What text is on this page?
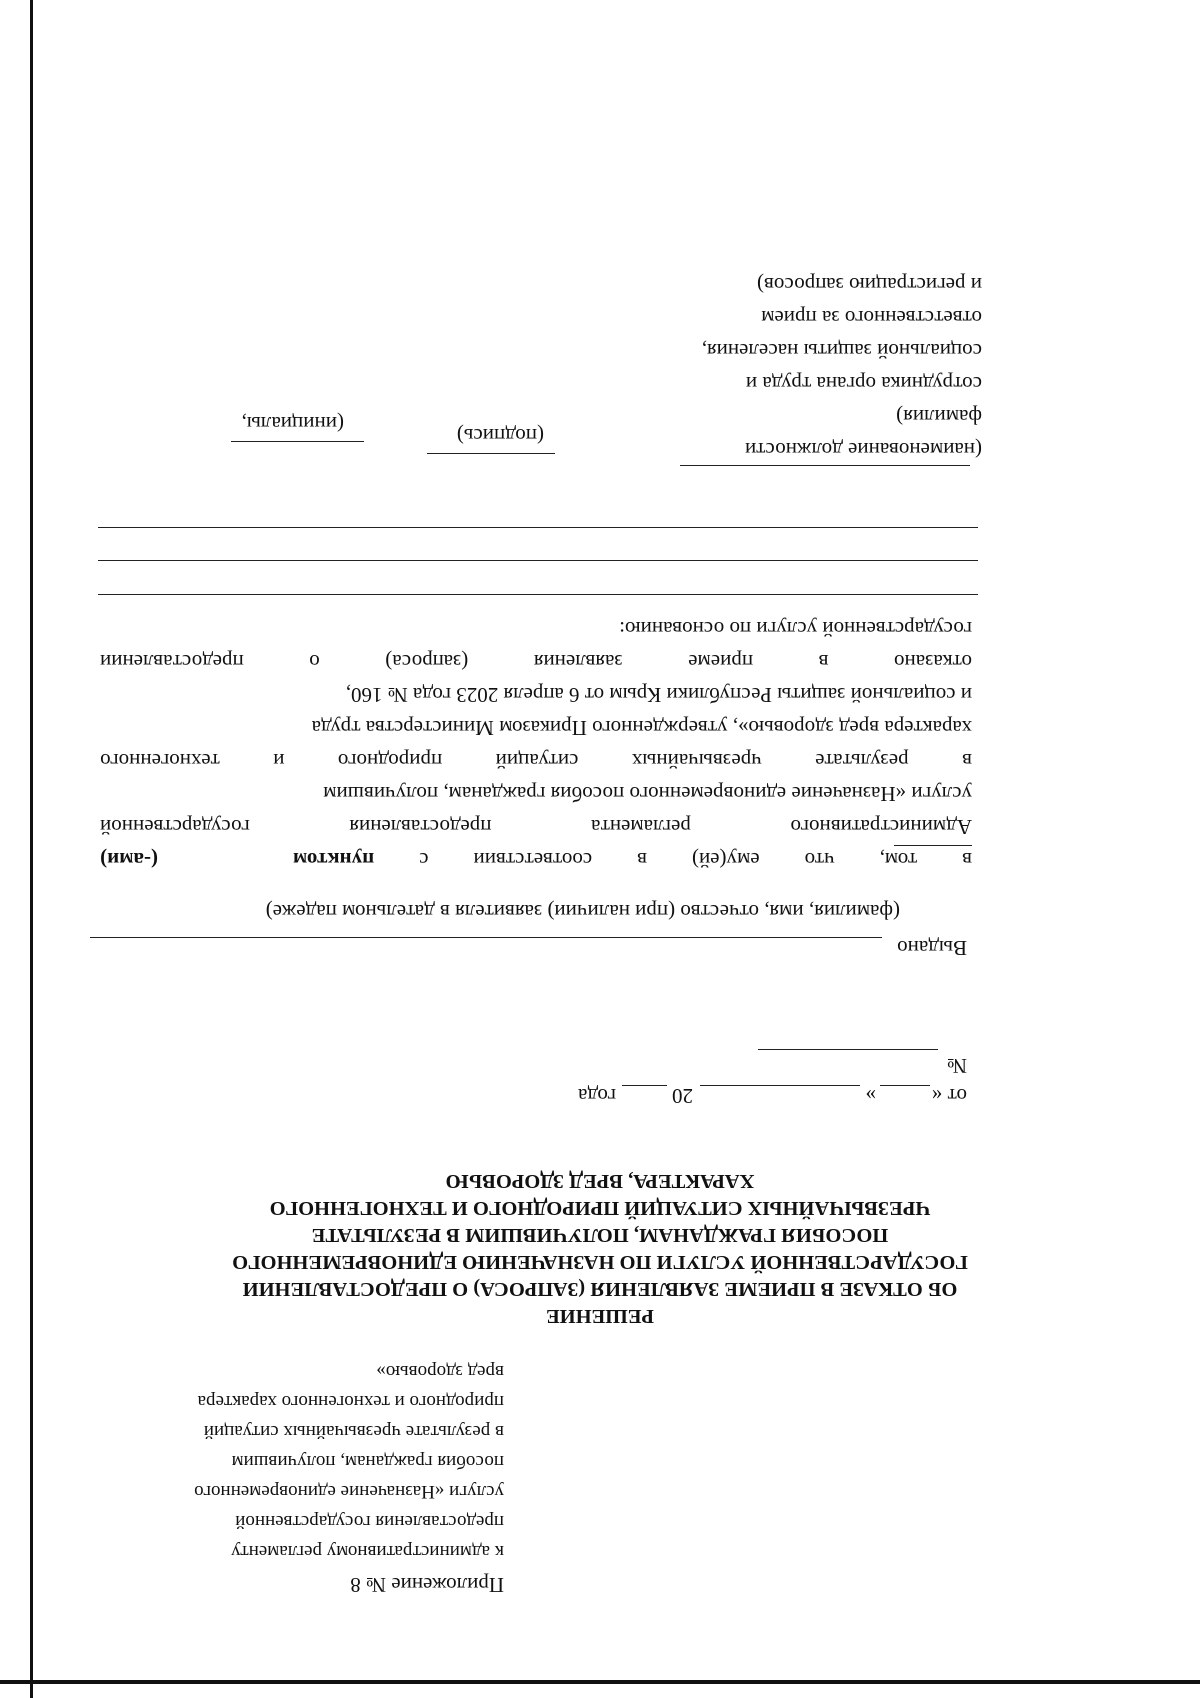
Приложение № 8
к административному регламенту
предоставления государственной
услуги «Назначение единовременного
пособия гражданам, получившим
в результате чрезвычайных ситуаций
природного и техногенного характера
вред здоровью»
РЕШЕНИЕ
ОБ ОТКАЗЕ В ПРИЕМЕ ЗАЯВЛЕНИЯ (ЗАПРОСА) О ПРЕДОСТАВЛЕНИИ
ГОСУДАРСТВЕННОЙ УСЛУГИ ПО НАЗНАЧЕНИЮ ЕДИНОВРЕМЕННОГО
ПОСОБИЯ ГРАЖДАНАМ, ПОЛУЧИВШИМ В РЕЗУЛЬТАТЕ
ЧРЕЗВЫЧАЙНЫХ СИТУАЦИЙ ПРИРОДНОГО И ТЕХНОГЕННОГО
ХАРАКТЕРА, ВРЕД ЗДОРОВЬЮ
от «
»
20
года
№
Выдано
(фамилия, имя, отчество (при наличии) заявителя в дательном падеже)
в
том,
что
ему(ей)
в
соответствии
с
пунктом
(-ами)
Административного
регламента
предоставления
государственной
услуги «Назначение единовременного пособия гражданам, получившим
в
результате
чрезвычайных
ситуаций
природного
и
техногенного
характера вред здоровью», утвержденного Приказом Министерства труда
и социальной защиты Республики Крым от 6 апреля 2023 года № 160,
отказано
в
приеме
заявления
(запроса)
о
предоставлении
государственной услуги по основанию:
(наименование должности
фамилия)
сотрудника органа труда и
социальной защиты населения,
ответственного за прием
и регистрацию запросов)
(подпись)
(инициалы,
